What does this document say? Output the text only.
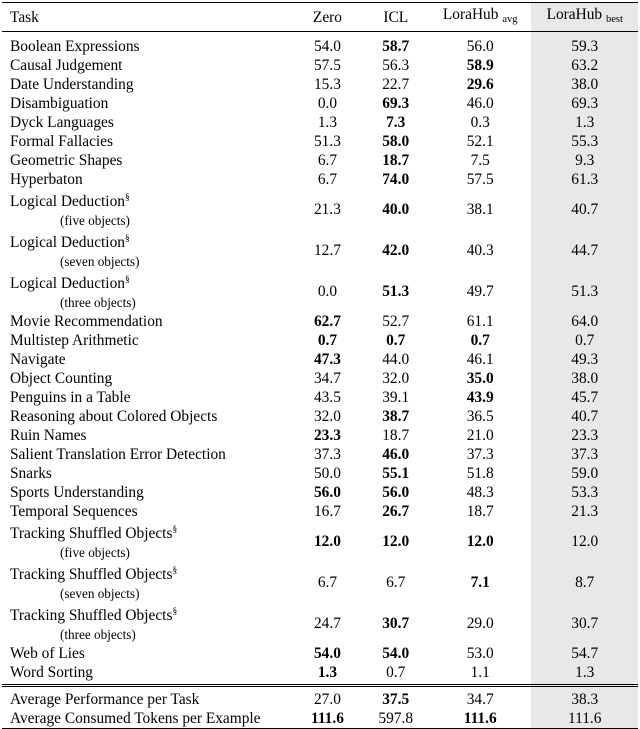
Task	Zero	ICL	LoraHub $_{avg}$	LoraHub $_{best}$
Boolean Expressions	54.0	58.7	56.0	59.3
Causal Judgement	57.5	56.3	58.9	63.2
Date Understanding	15.3	22.7	29.6	38.0
Disambiguation	0.0	69.3	46.0	69.3
Dyck Languages	1.3	7.3	0.3	1.3
Formal Fallacies	51.3	58.0	52.1	55.3
Geometric Shapes	6.7	18.7	7.5	9.3
Hyperbaton	6.7	74.0	57.5	61.3
Logical Deduction§
(five objects)	21.3	40.0	38.1	40.7
Logical Deduction§
(seven objects)	12.7	42.0	40.3	44.7
Logical Deduction§
(three objects)	0.0	51.3	49.7	51.3
Movie Recommendation	62.7	52.7	61.1	64.0
Multistep Arithmetic	0.7	0.7	0.7	0.7
Navigate	47.3	44.0	46.1	49.3
Object Counting	34.7	32.0	35.0	38.0
Penguins in a Table	43.5	39.1	43.9	45.7
Reasoning about Colored Objects	32.0	38.7	36.5	40.7
Ruin Names	23.3	18.7	21.0	23.3
Salient Translation Error Detection	37.3	46.0	37.3	37.3
Snarks	50.0	55.1	51.8	59.0
Sports Understanding	56.0	56.0	48.3	53.3
Temporal Sequences	16.7	26.7	18.7	21.3
Tracking Shuffled Objects§
(five objects)	12.0	12.0	12.0	12.0
Tracking Shuffled Objects§
(seven objects)	6.7	6.7	7.1	8.7
Tracking Shuffled Objects§
(three objects)	24.7	30.7	29.0	30.7
Web of Lies	54.0	54.0	53.0	54.7
Word Sorting	1.3	0.7	1.1	1.3
Average Performance per Task	27.0	37.5	34.7	38.3
Average Consumed Tokens per Example	111.6	597.8	111.6	111.6
